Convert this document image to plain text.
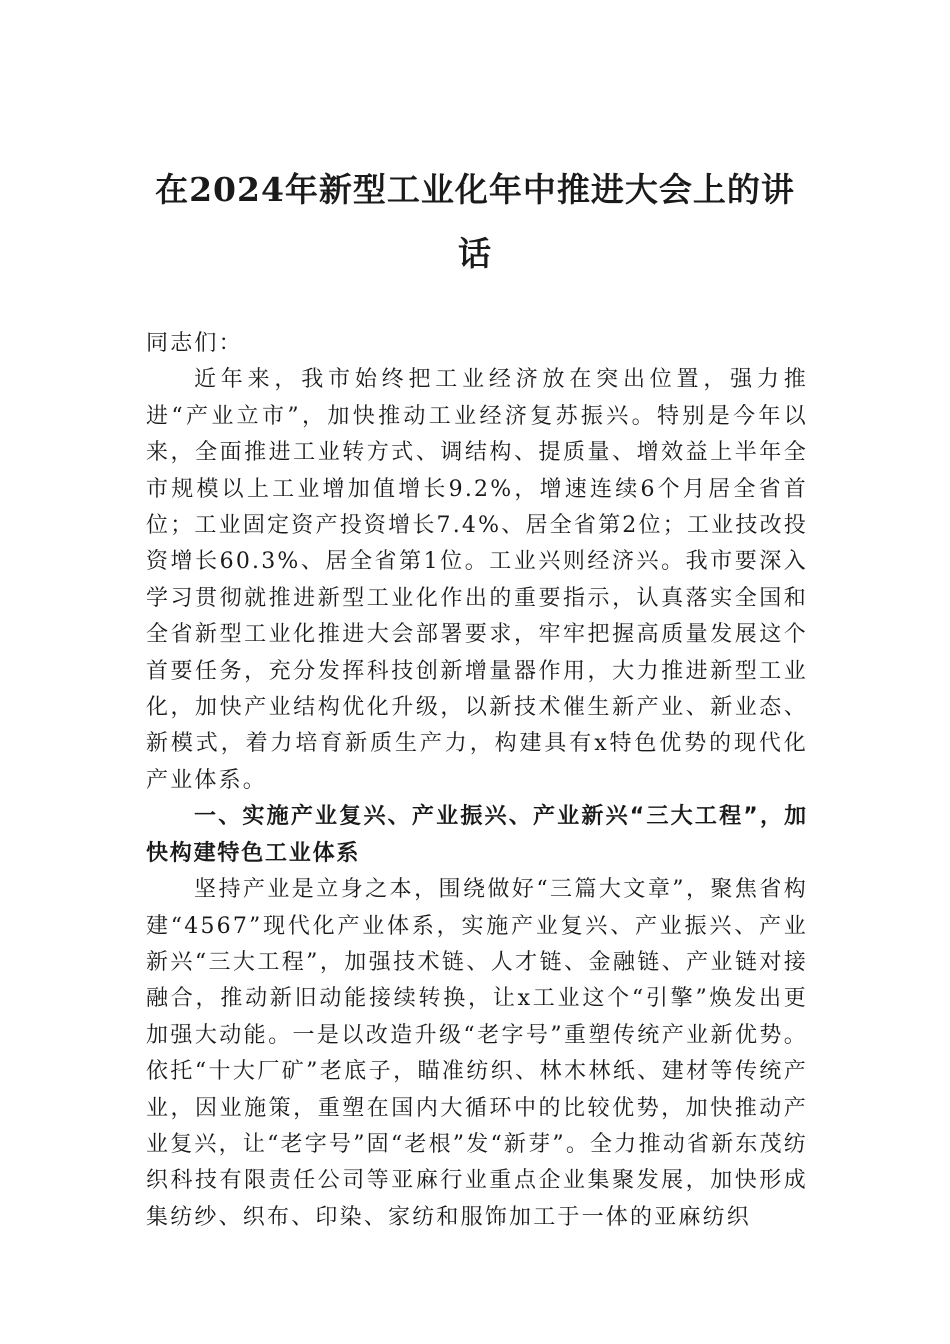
在2024年新型工业化年中推进大会上的讲话

同志们：

近年来，我市始终把工业经济放在突出位置，强力推进“产业立市”，加快推动工业经济复苏振兴。特别是今年以来，全面推进工业转方式、调结构、提质量、增效益上半年全市规模以上工业增加值增长9.2%，增速连续6个月居全省首位；工业固定资产投资增长7.4%、居全省第2位；工业技改投资增长60.3%、居全省第1位。工业兴则经济兴。我市要深入学习贯彻就推进新型工业化作出的重要指示，认真落实全国和全省新型工业化推进大会部署要求，牢牢把握高质量发展这个首要任务，充分发挥科技创新增量器作用，大力推进新型工业化，加快产业结构优化升级，以新技术催生新产业、新业态、新模式，着力培育新质生产力，构建具有x特色优势的现代化产业体系。

一、实施产业复兴、产业振兴、产业新兴“三大工程”，加快构建特色工业体系

坚持产业是立身之本，围绕做好“三篇大文章”，聚焦省构建“4567”现代化产业体系，实施产业复兴、产业振兴、产业新兴“三大工程”，加强技术链、人才链、金融链、产业链对接融合，推动新旧动能接续转换，让x工业这个“引擎”焕发出更加强大动能。一是以改造升级“老字号”重塑传统产业新优势。依托“十大厂矿”老底子，瞄准纺织、林木林纸、建材等传统产业，因业施策，重塑在国内大循环中的比较优势，加快推动产业复兴，让“老字号”固“老根”发“新芽”。全力推动省新东茂纺织科技有限责任公司等亚麻行业重点企业集聚发展，加快形成集纺纱、织布、印染、家纺和服饰加工于一体的亚麻纺织
